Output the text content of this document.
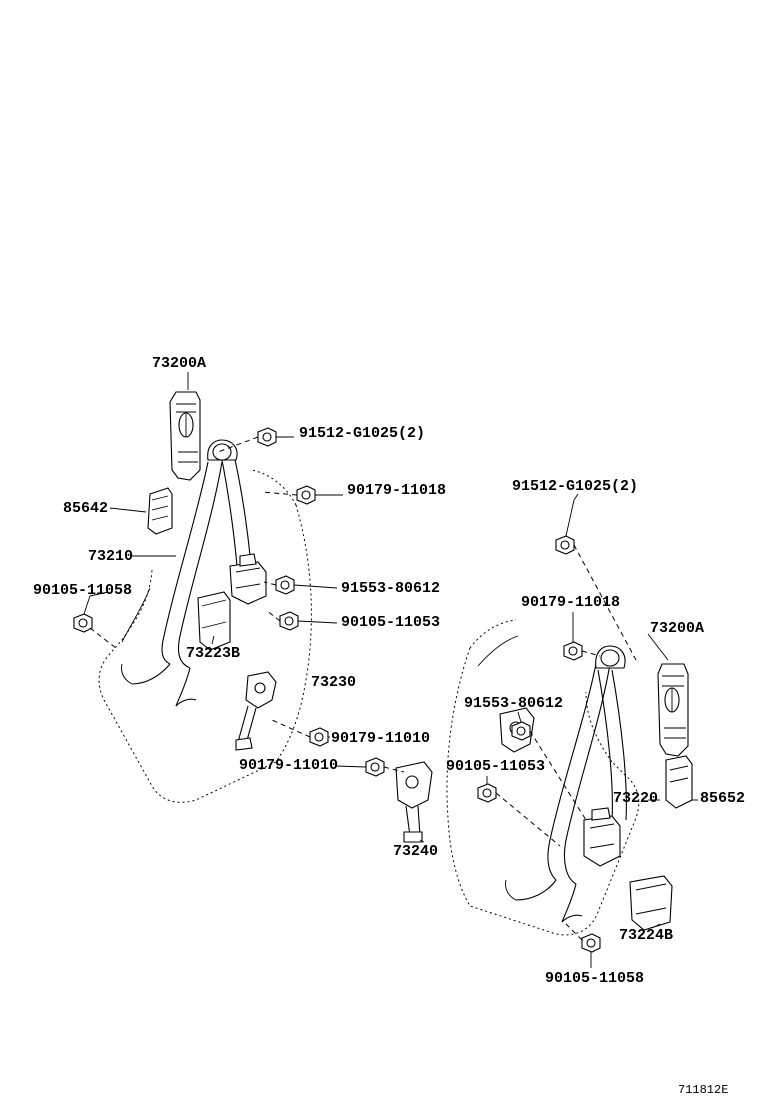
73200A
91512-G1025(2)
90179-11018
85642
73210
90105-11058	91553-80612
90105-11053
73223B
73230
90179-11010
90179-11010
73240
91512-G1025(2)
90179-11018
73200A
91553-80612
90105-11053
73220	85652
73224B
90105-11058
711812E
